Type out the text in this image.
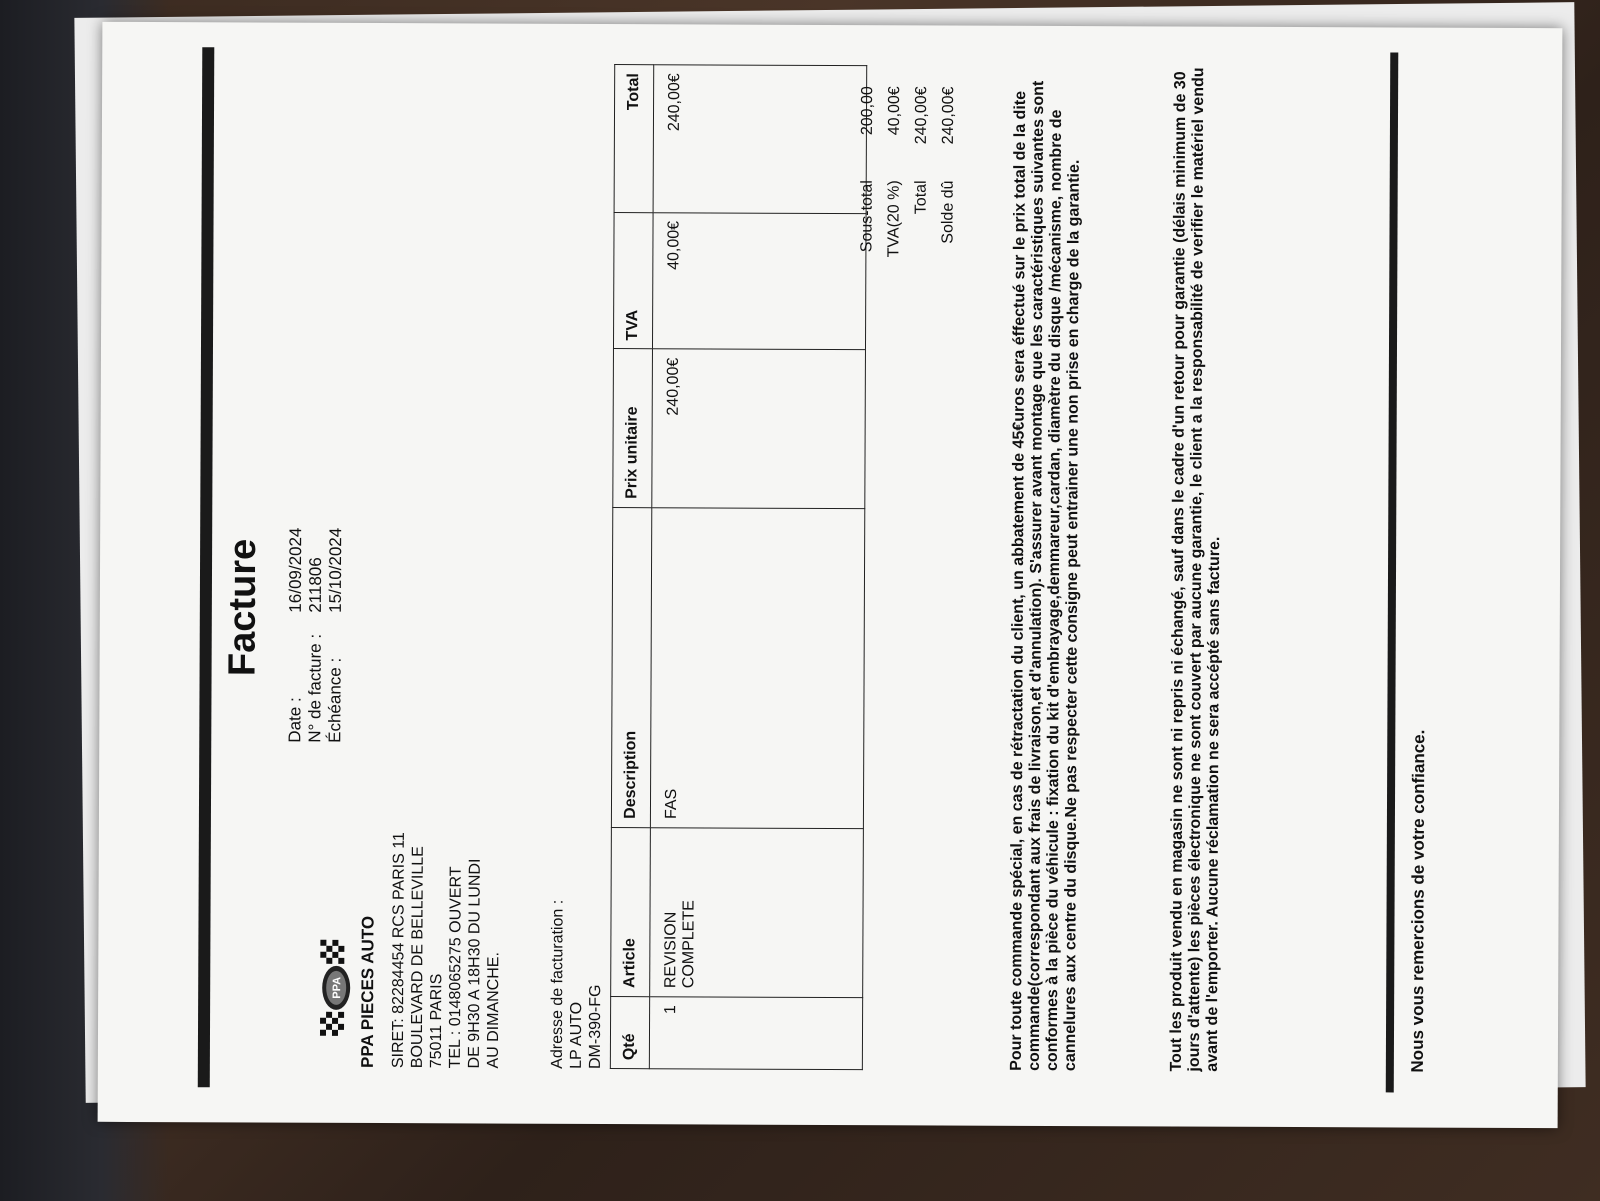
Facture
Date :
16/09/2024
N° de facture :
211806
Échéance :
15/10/2024
PPA PPA PIECES AUTO SIRET: 82284454 RCS PARIS 11 BOULEVARD DE BELLEVILLE 75011 PARIS TEL : 0148065275 OUVERT DE 9H30 A 18H30 DU LUNDI AU DIMANCHE.	Adresse de facturation : LP AUTO DM-390-FG Qté	Article	Description	Prix unitaire	TVA	Total
1	REVISION COMPLETE	FAS	240,00€	40,00€	240,00€
Sous-total
200,00
TVA(20 %)
40,00€
Total
240,00€
Solde dû
240,00€	Pour toute commande spécial, en cas de rétractation du client, un abbatement de 45€uros sera éffectué sur le prix total de la dite commande(correspondant aux frais de livraison,et d'annulation). S'assurer avant montage que les caractéristiques suivantes sont conformes à la pièce du véhicule : fixation du kit d'embrayage,demmareur,cardan, diamètre du disque /mécanisme, nombre de cannelures aux centre du disque.Ne pas respecter cette consigne peut entrainer une non prise en charge de la garantie.	Tout les produit vendu en magasin ne sont ni repris ni échangé, sauf dans le cadre d'un retour pour garantie (délais minimum de 30 jours d'attente) les pièces électronique ne sont couvert par aucune garantie, le client a la responsabilité de verifier le matériel vendu avant de l'emporter. Aucune réclamation ne sera accépté sans facture.	Nous vous remercions de votre confiance.
